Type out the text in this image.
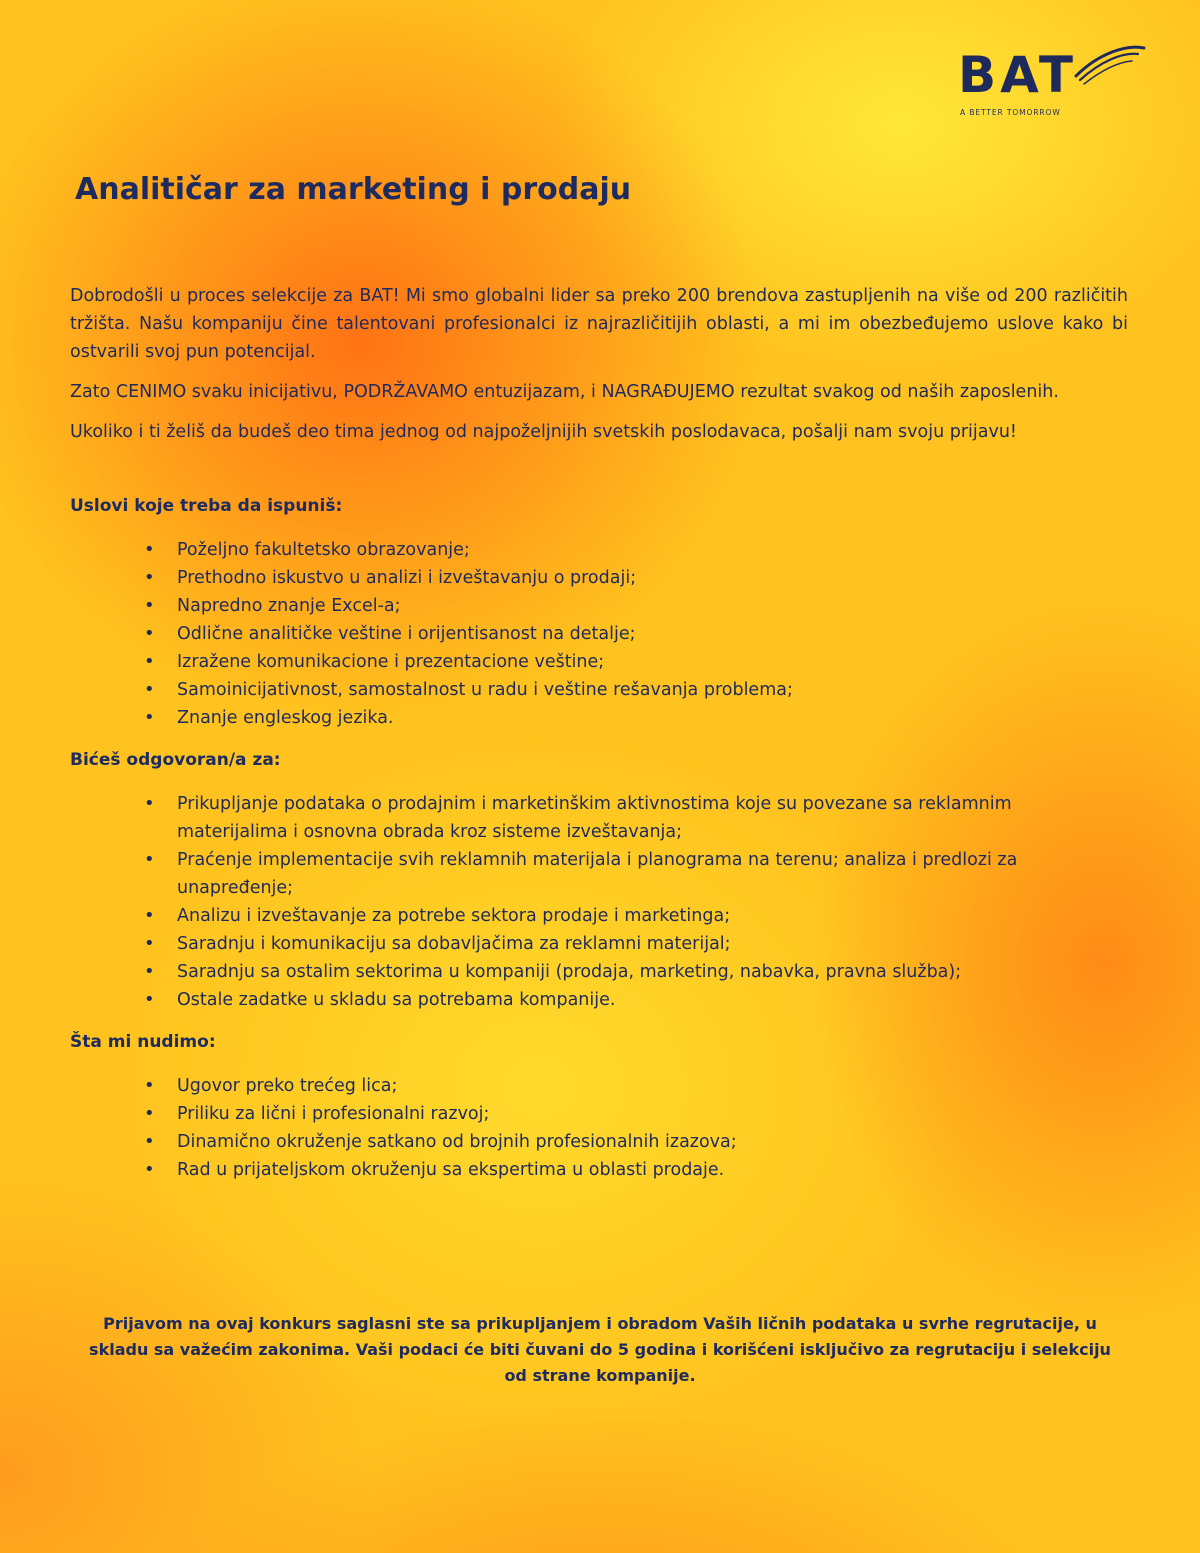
BAT
A BETTER TOMORROW
Analitičar za marketing i prodaju

Dobrodošli u proces selekcije za BAT! Mi smo globalni lider sa preko 200 brendova zastupljenih na više od 200 različitih tržišta. Našu kompaniju čine talentovani profesionalci iz najrazličitijih oblasti, a mi im obezbeđujemo uslove kako bi ostvarili svoj pun potencijal.

Zato CENIMO svaku inicijativu, PODRŽAVAMO entuzijazam, i NAGRAĐUJEMO rezultat svakog od naših zaposlenih.

Ukoliko i ti želiš da budeš deo tima jednog od najpoželjnijih svetskih poslodavaca, pošalji nam svoju prijavu!

Uslovi koje treba da ispuniš:
• Poželjno fakultetsko obrazovanje;
• Prethodno iskustvo u analizi i izveštavanju o prodaji;
• Napredno znanje Excel-a;
• Odlične analitičke veštine i orijentisanost na detalje;
• Izražene komunikacione i prezentacione veštine;
• Samoinicijativnost, samostalnost u radu i veštine rešavanja problema;
• Znanje engleskog jezika.
Bićeš odgovoran/a za:
• Prikupljanje podataka o prodajnim i marketinškim aktivnostima koje su povezane sa reklamnim materijalima i osnovna obrada kroz sisteme izveštavanja;
• Praćenje implementacije svih reklamnih materijala i planograma na terenu; analiza i predlozi za unapređenje;
• Analizu i izveštavanje za potrebe sektora prodaje i marketinga;
• Saradnju i komunikaciju sa dobavljačima za reklamni materijal;
• Saradnju sa ostalim sektorima u kompaniji (prodaja, marketing, nabavka, pravna služba);
• Ostale zadatke u skladu sa potrebama kompanije.
Šta mi nudimo:
• Ugovor preko trećeg lica;
• Priliku za lični i profesionalni razvoj;
• Dinamično okruženje satkano od brojnih profesionalnih izazova;
• Rad u prijateljskom okruženju sa ekspertima u oblasti prodaje.
Prijavom na ovaj konkurs saglasni ste sa prikupljanjem i obradom Vaših ličnih podataka u svrhe regrutacije, u skladu sa važećim zakonima. Vaši podaci će biti čuvani do 5 godina i korišćeni isključivo za regrutaciju i selekciju od strane kompanije.
